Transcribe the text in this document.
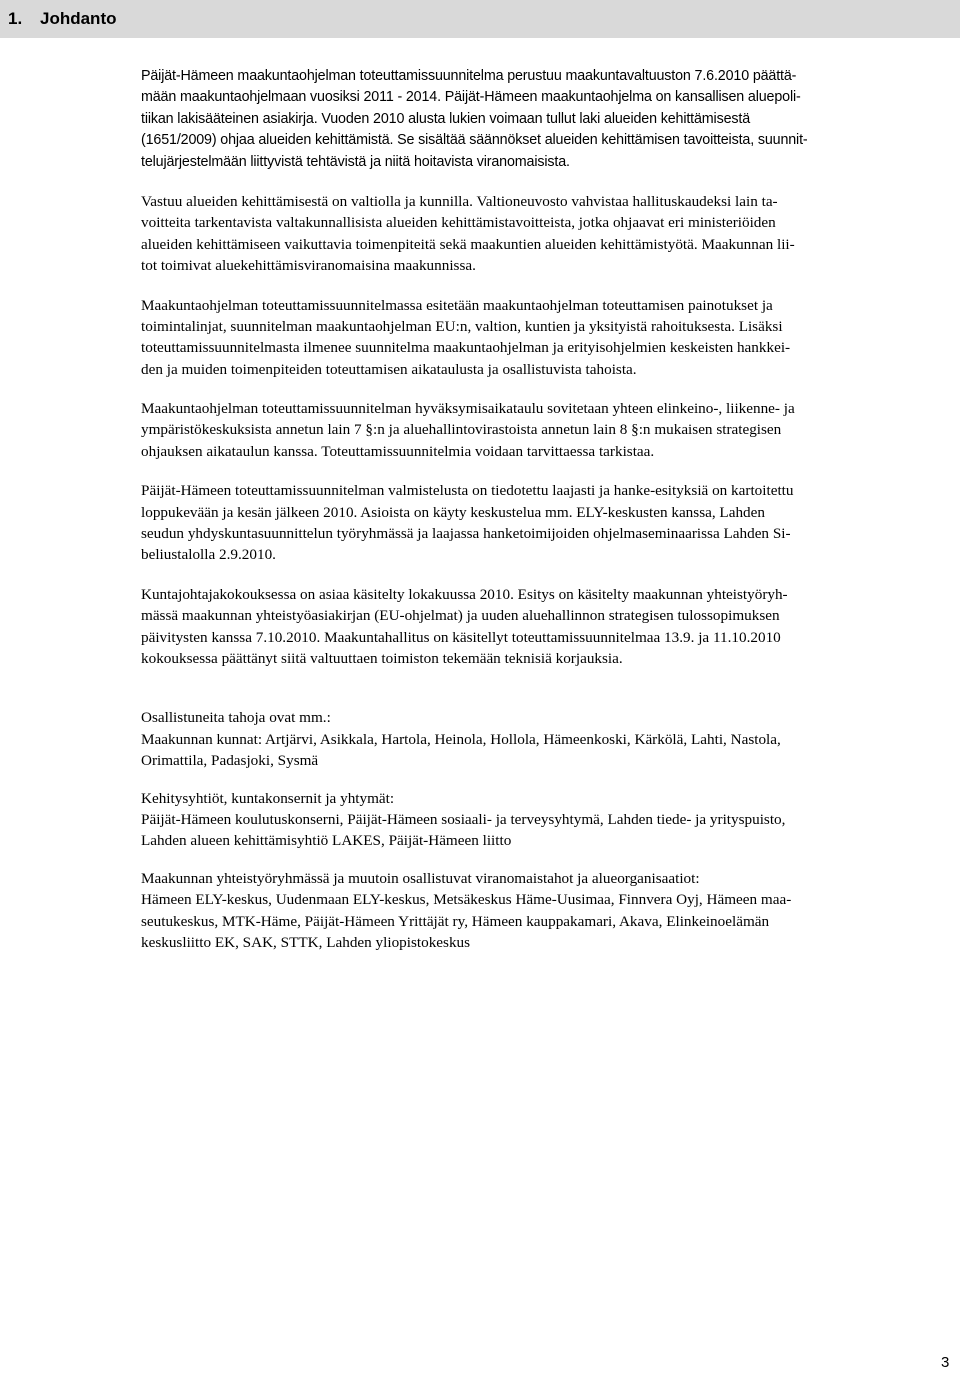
1. Johdanto
Päijät-Hämeen maakuntaohjelman toteuttamissuunnitelma perustuu maakuntavaltuuston 7.6.2010 päättä-
mään maakuntaohjelmaan vuosiksi 2011 - 2014. Päijät-Hämeen maakuntaohjelma on kansallisen aluepoli-
tiikan lakisääteinen asiakirja. Vuoden 2010 alusta lukien voimaan tullut laki alueiden kehittämisestä
(1651/2009) ohjaa alueiden kehittämistä. Se sisältää säännökset alueiden kehittämisen tavoitteista, suunnit-
telujärjestelmään liittyvistä tehtävistä ja niitä hoitavista viranomaisista.
Vastuu alueiden kehittämisestä on valtiolla ja kunnilla. Valtioneuvosto vahvistaa hallituskaudeksi lain ta-
voitteita tarkentavista valtakunnallisista alueiden kehittämistavoitteista, jotka ohjaavat eri ministeriöiden
alueiden kehittämiseen vaikuttavia toimenpiteitä sekä maakuntien alueiden kehittämistyötä. Maakunnan lii-
tot toimivat aluekehittämisviranomaisina maakunnissa.
Maakuntaohjelman toteuttamissuunnitelmassa esitetään maakuntaohjelman toteuttamisen painotukset ja
toimintalinjat, suunnitelman maakuntaohjelman EU:n, valtion, kuntien ja yksityistä rahoituksesta. Lisäksi
toteuttamissuunnitelmasta ilmenee suunnitelma maakuntaohjelman ja erityisohjelmien keskeisten hankkei-
den ja muiden toimenpiteiden toteuttamisen aikataulusta ja osallistuvista tahoista.
Maakuntaohjelman toteuttamissuunnitelman hyväksymisaikataulu sovitetaan yhteen elinkeino-, liikenne- ja
ympäristökeskuksista annetun lain 7 §:n ja aluehallintovirastoista annetun lain 8 §:n mukaisen strategisen
ohjauksen aikataulun kanssa. Toteuttamissuunnitelmia voidaan tarvittaessa tarkistaa.
Päijät-Hämeen toteuttamissuunnitelman valmistelusta on tiedotettu laajasti ja hanke-esityksiä on kartoitettu
loppukevään ja kesän jälkeen 2010. Asioista on käyty keskustelua mm. ELY-keskusten kanssa, Lahden
seudun yhdyskuntasuunnittelun työryhmässä ja laajassa hanketoimijoiden ohjelmaseminaarissa Lahden Si-
beliustalolla 2.9.2010.
Kuntajohtajakokouksessa on asiaa käsitelty lokakuussa 2010. Esitys on käsitelty maakunnan yhteistyöryh-
mässä maakunnan yhteistyöasiakirjan (EU-ohjelmat) ja uuden aluehallinnon strategisen tulossopimuksen
päivitysten kanssa 7.10.2010. Maakuntahallitus on käsitellyt toteuttamissuunnitelmaa 13.9. ja 11.10.2010
kokouksessa päättänyt siitä valtuuttaen toimiston tekemään teknisiä korjauksia.
Osallistuneita tahoja ovat mm.:
Maakunnan kunnat: Artjärvi, Asikkala, Hartola, Heinola, Hollola, Hämeenkoski, Kärkölä, Lahti, Nastola,
Orimattila, Padasjoki, Sysmä
Kehitysyhtiöt, kuntakonsernit ja yhtymät:
Päijät-Hämeen koulutuskonserni, Päijät-Hämeen sosiaali- ja terveysyhtymä, Lahden tiede- ja yrityspuisto,
Lahden alueen kehittämisyhtiö LAKES, Päijät-Hämeen liitto
Maakunnan yhteistyöryhmässä ja muutoin osallistuvat viranomaistahot ja alueorganisaatiot:
Hämeen ELY-keskus, Uudenmaan ELY-keskus, Metsäkeskus Häme-Uusimaa, Finnvera Oyj, Hämeen maa-
seutukeskus, MTK-Häme, Päijät-Hämeen Yrittäjät ry, Hämeen kauppakamari, Akava, Elinkeinoelämän
keskusliitto EK, SAK, STTK, Lahden yliopistokeskus
3
